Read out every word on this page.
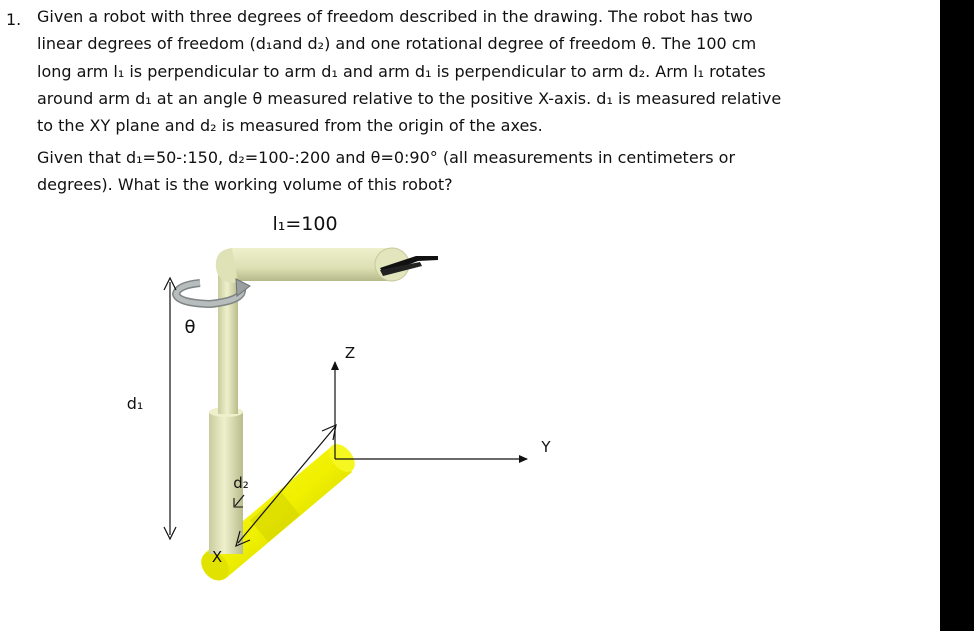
1. Given a robot with three degrees of freedom described in the drawing. The robot has two
linear degrees of freedom (d₁and d₂) and one rotational degree of freedom θ. The 100 cm
long arm l₁ is perpendicular to arm d₁ and arm d₁ is perpendicular to arm d₂. Arm l₁ rotates
around arm d₁ at an angle θ measured relative to the positive X-axis. d₁ is measured relative
to the XY plane and d₂ is measured from the origin of the axes.
Given that d₁=50-:150, d₂=100-:200 and θ=0:90° (all measurements in centimeters or
degrees). What is the working volume of this robot?
l₁=100
θ
d₁
Z
Y
X
d₂
